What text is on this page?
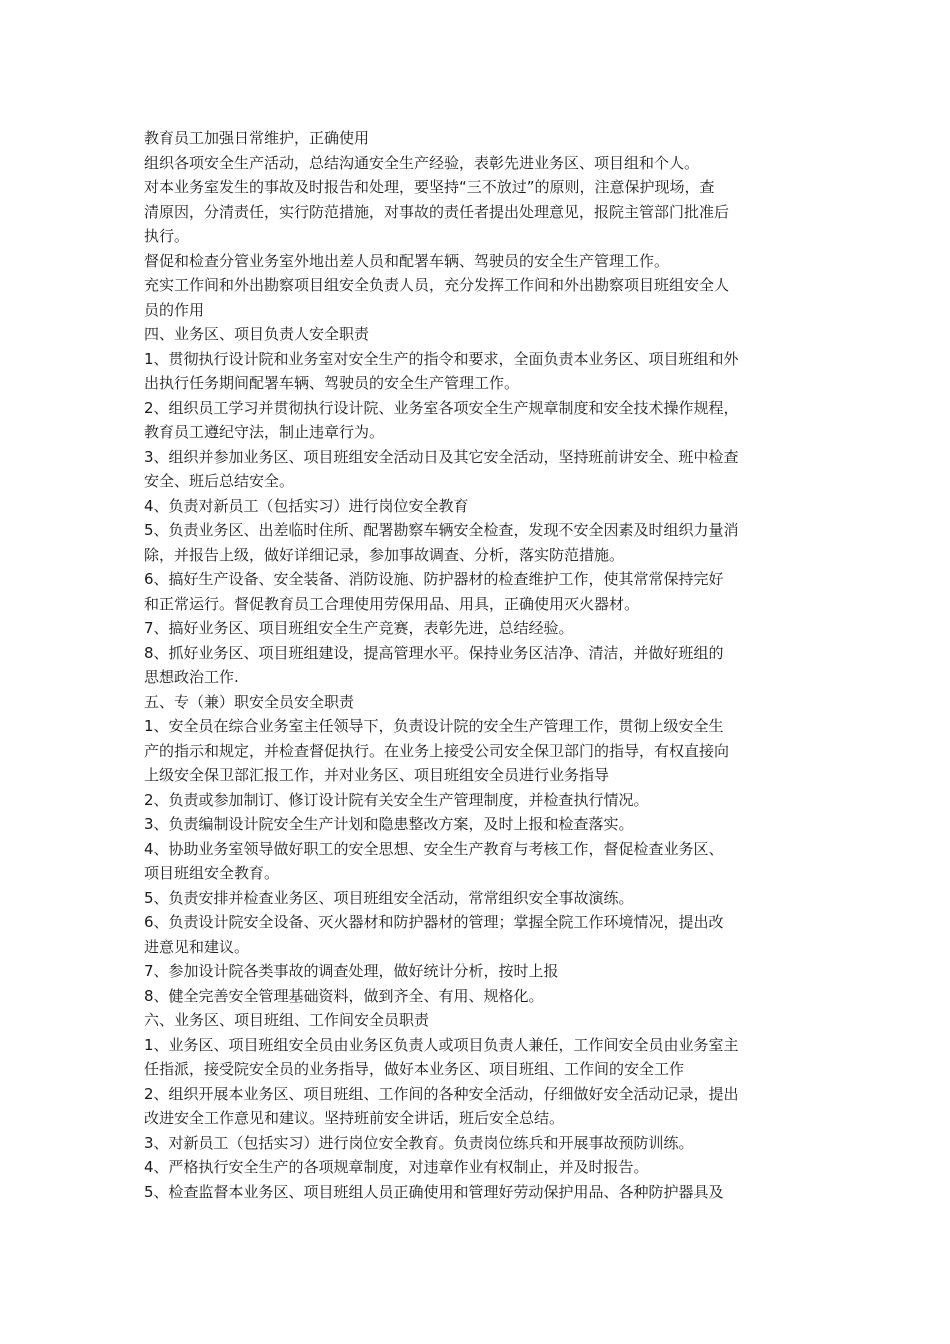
教育员工加强日常维护，正确使用
组织各项安全生产活动，总结沟通安全生产经验，表彰先进业务区、项目组和个人。
对本业务室发生的事故及时报告和处理，要坚持“三不放过”的原则，注意保护现场，查
清原因，分清责任，实行防范措施，对事故的责任者提出处理意见，报院主管部门批准后
执行。
督促和检查分管业务室外地出差人员和配署车辆、驾驶员的安全生产管理工作。
充实工作间和外出勘察项目组安全负责人员，充分发挥工作间和外出勘察项目班组安全人
员的作用
四、业务区、项目负责人安全职责
1、贯彻执行设计院和业务室对安全生产的指令和要求，全面负责本业务区、项目班组和外
出执行任务期间配署车辆、驾驶员的安全生产管理工作。
2、组织员工学习并贯彻执行设计院、业务室各项安全生产规章制度和安全技术操作规程，
教育员工遵纪守法，制止违章行为。
3、组织并参加业务区、项目班组安全活动日及其它安全活动，坚持班前讲安全、班中检查
安全、班后总结安全。
4、负责对新员工（包括实习）进行岗位安全教育
5、负责业务区、出差临时住所、配署勘察车辆安全检查，发现不安全因素及时组织力量消
除，并报告上级，做好详细记录，参加事故调查、分析，落实防范措施。
6、搞好生产设备、安全装备、消防设施、防护器材的检查维护工作，使其常常保持完好
和正常运行。督促教育员工合理使用劳保用品、用具，正确使用灭火器材。
7、搞好业务区、项目班组安全生产竞赛，表彰先进，总结经验。
8、抓好业务区、项目班组建设，提高管理水平。保持业务区洁净、清洁，并做好班组的
思想政治工作.
五、专（兼）职安全员安全职责
1、安全员在综合业务室主任领导下，负责设计院的安全生产管理工作，贯彻上级安全生
产的指示和规定，并检查督促执行。在业务上接受公司安全保卫部门的指导，有权直接向
上级安全保卫部汇报工作，并对业务区、项目班组安全员进行业务指导
2、负责或参加制订、修订设计院有关安全生产管理制度，并检查执行情况。
3、负责编制设计院安全生产计划和隐患整改方案，及时上报和检查落实。
4、协助业务室领导做好职工的安全思想、安全生产教育与考核工作，督促检查业务区、
项目班组安全教育。
5、负责安排并检查业务区、项目班组安全活动，常常组织安全事故演练。
6、负责设计院安全设备、灭火器材和防护器材的管理；掌握全院工作环境情况，提出改
进意见和建议。
7、参加设计院各类事故的调查处理，做好统计分析，按时上报
8、健全完善安全管理基础资料，做到齐全、有用、规格化。
六、业务区、项目班组、工作间安全员职责
1、业务区、项目班组安全员由业务区负责人或项目负责人兼任，工作间安全员由业务室主
任指派，接受院安全员的业务指导，做好本业务区、项目班组、工作间的安全工作
2、组织开展本业务区、项目班组、工作间的各种安全活动，仔细做好安全活动记录，提出
改进安全工作意见和建议。坚持班前安全讲话，班后安全总结。
3、对新员工（包括实习）进行岗位安全教育。负责岗位练兵和开展事故预防训练。
4、严格执行安全生产的各项规章制度，对违章作业有权制止，并及时报告。
5、检查监督本业务区、项目班组人员正确使用和管理好劳动保护用品、各种防护器具及
